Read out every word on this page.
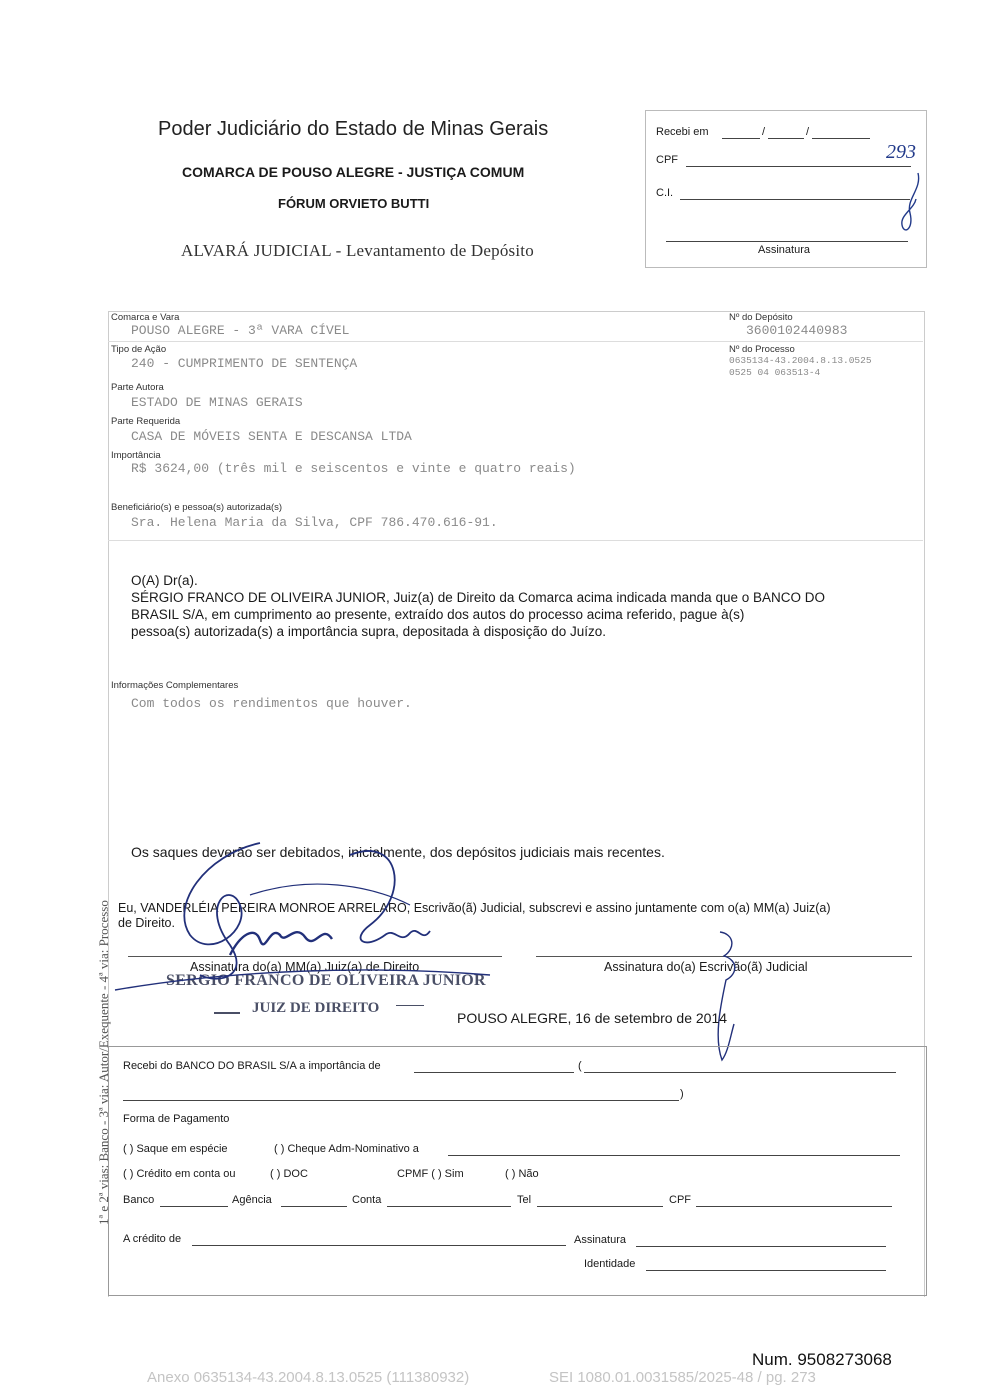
Poder Judiciário do Estado de Minas Gerais
COMARCA DE POUSO ALEGRE - JUSTIÇA COMUM
FÓRUM ORVIETO BUTTI
ALVARÁ JUDICIAL - Levantamento de Depósito
Recebi em	/	/
CPF
C.I.
Assinatura
293
Comarca e Vara
POUSO ALEGRE - 3ª VARA CÍVEL
Nº do Depósito
3600102440983
Tipo de Ação
240 - CUMPRIMENTO DE SENTENÇA
Nº do Processo
0635134-43.2004.8.13.0525
0525 04 063513-4
Parte Autora
ESTADO DE MINAS GERAIS
Parte Requerida
CASA DE MÓVEIS SENTA E DESCANSA LTDA
Importância
R$ 3624,00 (três mil e seiscentos e vinte e quatro reais)
Beneficiário(s) e pessoa(s) autorizada(s)
Sra. Helena Maria da Silva, CPF 786.470.616-91.
O(A) Dr(a).
SÉRGIO FRANCO DE OLIVEIRA JUNIOR, Juiz(a) de Direito da Comarca acima indicada manda que o BANCO DO
BRASIL S/A, em cumprimento ao presente, extraído dos autos do processo acima referido, pague à(s)
pessoa(s) autorizada(s) a importância supra, depositada à disposição do Juízo.
Informações Complementares
Com todos os rendimentos que houver.
Os saques deverão ser debitados, inicialmente, dos depósitos judiciais mais recentes.
Eu, VANDERLÉIA PEREIRA MONROE ARRELARO, Escrivão(ã) Judicial, subscrevi e assino juntamente com o(a) MM(a) Juiz(a)
de Direito.
Assinatura do(a) MM(a) Juiz(a) de Direito	Assinatura do(a) Escrivão(ã) Judicial
SERGIO FRANCO DE OLIVEIRA JUNIOR
JUIZ DE DIREITO
POUSO ALEGRE, 16 de setembro de 2014
Recebi do BANCO DO BRASIL S/A a importância de	(
)
Forma de Pagamento
( ) Saque em espécie	( ) Cheque Adm-Nominativo a
( ) Crédito em conta ou	( ) DOC	CPMF ( ) Sim	( ) Não
Banco	Agência	Conta	Tel	CPF
A crédito de	Assinatura
Identidade
1ª e 2ª vias: Banco - 3ª via: Autor/Exequente - 4ª via: Processo
Num. 9508273068
Anexo 0635134-43.2004.8.13.0525 (111380932)	SEI 1080.01.0031585/2025-48 / pg. 273
